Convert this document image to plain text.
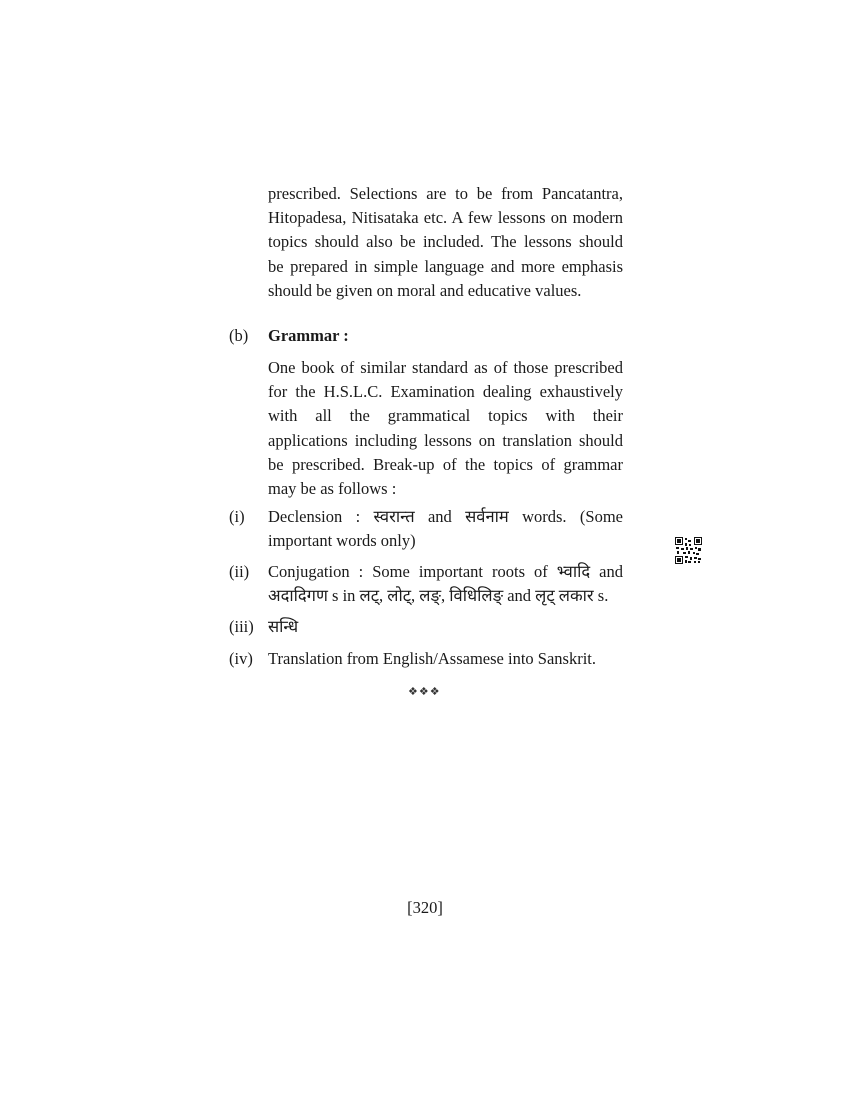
prescribed. Selections are to be from Pancatantra,
Hitopadesa, Nitisataka etc. A few lessons on modern
topics should also be included. The lessons should
be prepared in simple language and more emphasis
should be given on moral and educative values.
(b) Grammar :
One book of similar standard as of those prescribed
for the H.S.L.C. Examination dealing exhaustively
with all the grammatical topics with their
applications including lessons on translation should
be prescribed. Break-up of the topics of grammar
may be as follows :
(i) Declension : स्वरान्त and सर्वनाम words. (Some
important words only)
(ii) Conjugation : Some important roots of भ्वादि and
अदादिगण s in लट्, लोट्, लङ्, विधिलिङ् and लृट् लकार s.
(iii) सन्धि
(iv) Translation from English/Assamese into Sanskrit.
❖❖❖
[320]
